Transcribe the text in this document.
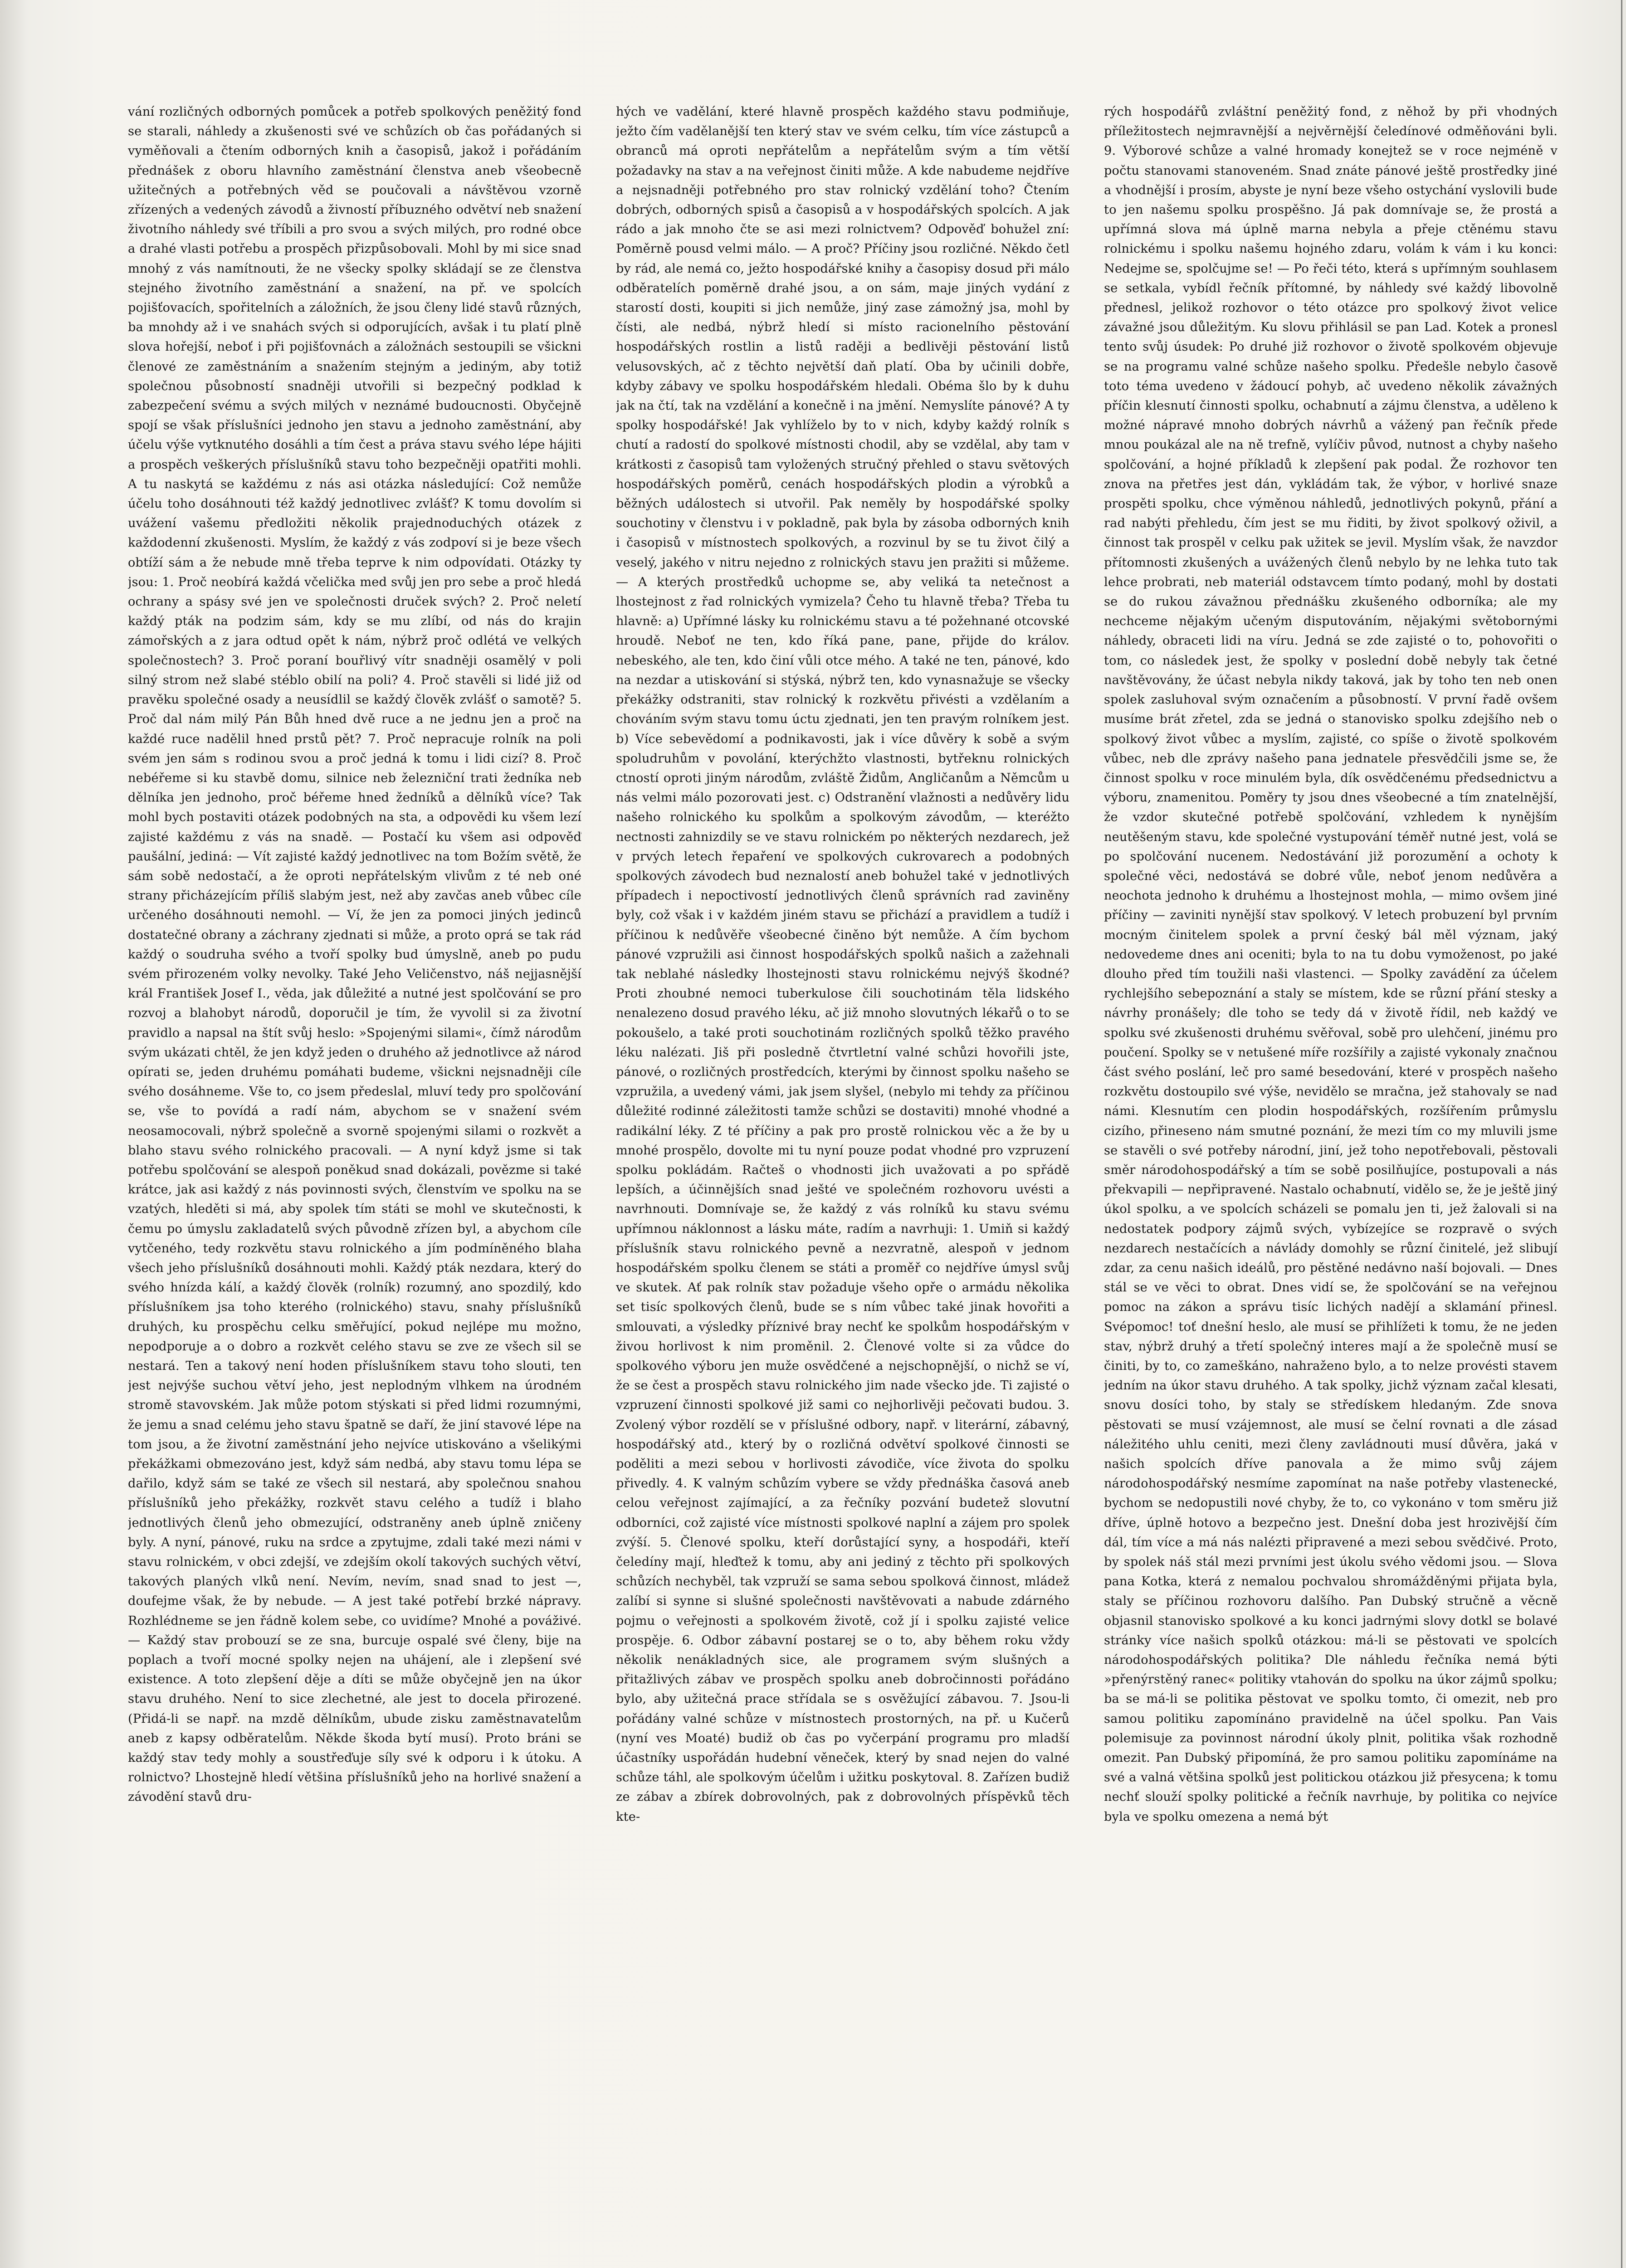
vání rozličných odborných pomůcek a potřeb spolkových peněžitý fond se starali, náhledy a zkušenosti své ve schůzích ob čas pořádaných si vyměňovali a čtením odborných knih a časopisů, jakož i pořádáním přednášek z oboru hlavního zaměstnání členstva aneb všeobecně užitečných a potřebných věd se poučovali a návštěvou vzorně zřízených a vedených závodů a živností příbuzného odvětví neb snažení životního náhledy své tříbili a pro svou a svých milých, pro rodné obce a drahé vlasti potřebu a prospěch přizpůsobovali. Mohl by mi sice snad mnohý z vás namítnouti, že ne všecky spolky skládají se ze členstva stejného životního zaměstnání a snažení, na př. ve spolcích pojišťovacích, spořitelních a záložních, že jsou členy lidé stavů různých, ba mnohdy až i ve snahách svých si odporujících, avšak i tu platí plně slova hořejší, neboť i při pojišťovnách a záložnách sestoupili se všickni členové ze zaměstnáním a snažením stejným a jediným, aby totiž společnou působností snadněji utvořili si bezpečný podklad k zabezpečení svému a svých milých v neznámé budoucnosti. Obyčejně spojí se však příslušníci jednoho jen stavu a jednoho zaměstnání, aby účelu výše vytknutého dosáhli a tím čest a práva stavu svého lépe hájiti a prospěch veškerých příslušníků stavu toho bezpečněji opatřiti mohli. A tu naskytá se každému z nás asi otázka následující: Což nemůže účelu toho dosáhnouti též každý jednotlivec zvlášť? K tomu dovolím si uvážení vašemu předložiti několik prajednoduchých otázek z každodenní zkušenosti. Myslím, že každý z vás zodpoví si je beze všech obtíží sám a že nebude mně třeba teprve k nim odpovídati. Otázky ty jsou: 1. Proč neobírá každá včelička med svůj jen pro sebe a proč hledá ochrany a spásy své jen ve společnosti druček svých? 2. Proč neletí každý pták na podzim sám, kdy se mu zlíbí, od nás do krajin zámořských a z jara odtud opět k nám, nýbrž proč odlétá ve velkých společnostech? 3. Proč poraní bouřlivý vítr snadněji osamělý v poli silný strom než slabé stéblo obilí na poli? 4. Proč stavěli si lidé již od pravěku společné osady a neusídlil se každý člověk zvlášť o samotě? 5. Proč dal nám milý Pán Bůh hned dvě ruce a ne jednu jen a proč na každé ruce nadělil hned prstů pět? 7. Proč nepracuje rolník na poli svém jen sám s rodinou svou a proč jedná k tomu i lidi cizí? 8. Proč nebéřeme si ku stavbě domu, silnice neb železniční trati žedníka neb dělníka jen jednoho, proč béřeme hned žedníků a dělníků více? Tak mohl bych postaviti otázek podobných na sta, a odpovědi ku všem lezí zajisté každému z vás na snadě. — Postačí ku všem asi odpověď paušální, jediná: — Vít zajisté každý jednotlivec na tom Božím světě, že sám sobě nedostačí, a že oproti nepřátelským vlivům z té neb oné strany přicházejícím příliš slabým jest, než aby zavčas aneb vůbec cíle určeného dosáhnouti nemohl. — Ví, že jen za pomoci jiných jedinců dostatečné obrany a záchrany zjednati si může, a proto oprá se tak rád každý o soudruha svého a tvoří spolky bud úmyslně, aneb po pudu svém přirozeném volky nevolky. Také Jeho Veličenstvo, náš nejjasnější král František Josef I., věda, jak důležité a nutné jest spolčování se pro rozvoj a blahobyt národů, doporučil je tím, že vyvolil si za životní pravidlo a napsal na štít svůj heslo: »Spojenými silami«, čímž národům svým ukázati chtěl, že jen když jeden o druhého až jednotlivce až národ opírati se, jeden druhému pomáhati budeme, všickni nejsnadněji cíle svého dosáhneme. Vše to, co jsem předeslal, mluví tedy pro spolčování se, vše to povídá a radí nám, abychom se v snažení svém neosamocovali, nýbrž společně a svorně spojenými silami o rozkvět a blaho stavu svého rolnického pracovali. — A nyní když jsme si tak potřebu spolčování se alespoň poněkud snad dokázali, povězme si také krátce, jak asi každý z nás povinnosti svých, členstvím ve spolku na se vzatých, hleděti si má, aby spolek tím státi se mohl ve skutečnosti, k čemu po úmyslu zakladatelů svých původně zřízen byl, a abychom cíle vytčeného, tedy rozkvětu stavu rolnického a jím podmíněného blaha všech jeho příslušníků dosáhnouti mohli. Každý pták nezdara, který do svého hnízda kálí, a každý člověk (rolník) rozumný, ano spozdilý, kdo příslušníkem jsa toho kterého (rolnického) stavu, snahy příslušníků druhých, ku prospěchu celku směřující, pokud nejlépe mu možno, nepodporuje a o dobro a rozkvět celého stavu se zve ze všech sil se nestará. Ten a takový není hoden příslušníkem stavu toho slouti, ten jest nejvýše suchou větví jeho, jest neplodným vlhkem na úrodném stromě stavovském. Jak může potom stýskati si před lidmi rozumnými, že jemu a snad celému jeho stavu špatně se daří, že jiní stavové lépe na tom jsou, a že životní zaměstnání jeho nejvíce utiskováno a všelikými překážkami obmezováno jest, když sám nedbá, aby stavu tomu lépa se dařilo, když sám se také ze všech sil nestará, aby společnou snahou příslušníků jeho překážky, rozkvět stavu celého a tudíž i blaho jednotlivých členů jeho obmezující, odstraněny aneb úplně zničeny byly. A nyní, pánové, ruku na srdce a zpytujme, zdali také mezi námi v stavu rolnickém, v obci zdejší, ve zdejším okolí takových suchých větví, takových planých vlků není. Nevím, nevím, snad snad to jest —, doufejme však, že by nebude. — A jest také potřebí brzké nápravy. Rozhlédneme se jen řádně kolem sebe, co uvidíme? Mnohé a pováživé. — Každý stav probouzí se ze sna, burcuje ospalé své členy, bije na poplach a tvoří mocné spolky nejen na uhájení, ale i zlepšení své existence. A toto zlepšení děje a díti se může obyčejně jen na úkor stavu druhého. Není to sice zlechetné, ale jest to docela přirozené. (Přidá-li se např. na mzdě dělníkům, ubude zisku zaměstnavatelům aneb z kapsy odběratelům. Někde škoda bytí musí). Proto bráni se každý stav tedy mohly a soustřeďuje síly své k odporu i k útoku. A rolnictvo? Lhostejně hledí většina příslušníků jeho na horlivé snažení a závodění stavů dru-

hých ve vadělání, které hlavně prospěch každého stavu podmiňuje, ježto čím vadělanější ten který stav ve svém celku, tím více zástupců a obranců má oproti nepřátelům a nepřátelům svým a tím větší požadavky na stav a na veřejnost činiti může. A kde nabudeme nejdříve a nejsnadněji potřebného pro stav rolnický vzdělání toho? Čtením dobrých, odborných spisů a časopisů a v hospodářských spolcích. A jak rádo a jak mnoho čte se asi mezi rolnictvem? Odpověď bohužel zní: Poměrně pousd velmi málo. — A proč? Příčiny jsou rozličné. Někdo četl by rád, ale nemá co, ježto hospodářské knihy a časopisy dosud při málo odběratelích poměrně drahé jsou, a on sám, maje jiných vydání z starostí dosti, koupiti si jich nemůže, jiný zase zámožný jsa, mohl by čísti, ale nedbá, nýbrž hledí si místo racionelního pěstování hospodářských rostlin a listů raději a bedlivěji pěstování listů velusovských, ač z těchto největší daň platí. Oba by učinili dobře, kdyby zábavy ve spolku hospodářském hledali. Obéma šlo by k duhu jak na čtí, tak na vzdělání a konečně i na jmění. Nemyslíte pánové? A ty spolky hospodářské! Jak vyhlíželo by to v nich, kdyby každý rolník s chutí a radostí do spolkové místnosti chodil, aby se vzdělal, aby tam v krátkosti z časopisů tam vyložených stručný přehled o stavu světových hospodářských poměrů, cenách hospodářských plodin a výrobků a běžných událostech si utvořil. Pak neměly by hospodářské spolky souchotiny v členstvu i v pokladně, pak byla by zásoba odborných knih i časopisů v místnostech spolkových, a rozvinul by se tu život čilý a veselý, jakého v nitru nejedno z rolnických stavu jen pražiti si můžeme. — A kterých prostředků uchopme se, aby veliká ta netečnost a lhostejnost z řad rolnických vymizela? Čeho tu hlavně třeba? Třeba tu hlavně: a) Upřímné lásky ku rolnickému stavu a té požehnané otcovské hroudě. Neboť ne ten, kdo říká pane, pane, přijde do králov. nebeského, ale ten, kdo činí vůli otce mého. A také ne ten, pánové, kdo na nezdar a utiskování si stýská, nýbrž ten, kdo vynasnažuje se všecky překážky odstraniti, stav rolnický k rozkvětu přivésti a vzdělaním a chováním svým stavu tomu úctu zjednati, jen ten pravým rolníkem jest. b) Více sebevědomí a podnikavosti, jak i více důvěry k sobě a svým spoludruhům v povolání, kterýchžto vlastnosti, bytřeknu rolnických ctností oproti jiným národům, zvláště Židům, Angličanům a Němcům u nás velmi málo pozorovati jest. c) Odstranění vlažnosti a nedůvěry lidu našeho rolnického ku spolkům a spolkovým závodům, — kteréžto nectnosti zahnizdily se ve stavu rolnickém po některých nezdarech, jež v prvých letech řepaření ve spolkových cukrovarech a podobných spolkových závodech bud neznalostí aneb bohužel také v jednotlivých případech i nepoctivostí jednotlivých členů správních rad zaviněny byly, což však i v každém jiném stavu se přichází a pravidlem a tudíž i příčinou k nedůvěře všeobecné činěno být nemůže. A čím bychom pánové vzpružili asi činnost hospodářských spolků našich a zažehnali tak neblahé následky lhostejnosti stavu rolnickému nejvýš škodné? Proti zhoubné nemoci tuberkulose čili souchotinám těla lidského nenalezeno dosud pravého léku, ač již mnoho slovutných lékařů o to se pokoušelo, a také proti souchotinám rozličných spolků těžko pravého léku nalézati. Jiš při posledně čtvrtletní valné schůzi hovořili jste, pánové, o rozličných prostředcích, kterými by činnost spolku našeho se vzpružila, a uvedený vámi, jak jsem slyšel, (nebylo mi tehdy za příčinou důležité rodinné záležitosti tamže schůzi se dostaviti) mnohé vhodné a radikální léky. Z té příčiny a pak pro prostě rolnickou věc a že by u mnohé prospělo, dovolte mi tu nyní pouze podat vhodné pro vzpruzení spolku pokládám. Račteš o vhodnosti jich uvažovati a po spřádě lepších, a účinnějších snad ješté ve společném rozhovoru uvésti a navrhnouti. Domnívaje se, že každý z vás rolníků ku stavu svému upřímnou náklonnost a lásku máte, radím a navrhuji: 1. Umiň si každý příslušník stavu rolnického pevně a nezvratně, alespoň v jednom hospodářském spolku členem se státi a proměř co nejdříve úmysl svůj ve skutek. Ať pak rolník stav požaduje všeho opře o armádu několika set tisíc spolkových členů, bude se s ním vůbec také jinak hovořiti a smlouvati, a výsledky příznivé bray nechť ke spolkům hospodářským v živou horlivost k nim proměnil. 2. Členové volte si za vůdce do spolkového výboru jen muže osvědčené a nejschopnější, o nichž se ví, že se čest a prospěch stavu rolnického jim nade všecko jde. Ti zajisté o vzpruzení činnosti spolkové již sami co nejhorlivěji pečovati budou. 3. Zvolený výbor rozdělí se v příslušné odbory, např. v literární, zábavný, hospodářský atd., který by o rozličná odvětví spolkové činnosti se poděliti a mezi sebou v horlivosti závodiče, více života do spolku přivedly. 4. K valným schůzím vybere se vždy přednáška časová aneb celou veřejnost zajímající, a za řečníky pozvání budetež slovutní odborníci, což zajisté více místnosti spolkové naplní a zájem pro spolek zvýší. 5. Členové spolku, kteří dorůstající syny, a hospodáři, kteří čeledíny mají, hleďtež k tomu, aby ani jediný z těchto při spolkových schůzích nechyběl, tak vzpruží se sama sebou spolková činnost, mládež zalíbí si synne si slušné společnosti navštěvovati a nabude zdárného pojmu o veřejnosti a spolkovém životě, což jí i spolku zajisté velice prospěje. 6. Odbor zábavní postarej se o to, aby během roku vždy několik nenákladných sice, ale programem svým slušných a přitažlivých zábav ve prospěch spolku aneb dobročinnosti pořádáno bylo, aby užitečná prace střídala se s osvěžující zábavou. 7. Jsou-li pořádány valné schůze v místnostech prostorných, na př. u Kučerů (nyní ves Moaté) budiž ob čas po vyčerpání programu pro mladší účastníky uspořádán hudební věneček, který by snad nejen do valné schůze táhl, ale spolkovým účelům i užitku poskytoval. 8. Zařízen budiž ze zábav a zbírek dobrovolných, pak z dobrovolných příspěvků těch kte-

rých hospodářů zvláštní peněžitý fond, z něhož by při vhodných příležitostech nejmravnější a nejvěrnější čeledínové odměňováni byli. 9. Výborové schůze a valné hromady konejtež se v roce nejméně v počtu stanovami stanoveném. Snad znáte pánové ještě prostředky jiné a vhodnější i prosím, abyste je nyní beze všeho ostychání vyslovili bude to jen našemu spolku prospěšno. Já pak domnívaje se, že prostá a upřímná slova má úplně marna nebyla a přeje ctěnému stavu rolnickému i spolku našemu hojného zdaru, volám k vám i ku konci: Nedejme se, spolčujme se! — Po řeči této, která s upřímným souhlasem se setkala, vybídl řečník přítomné, by náhledy své každý libovolně přednesl, jelikož rozhovor o této otázce pro spolkový život velice závažné jsou důležitým. Ku slovu přihlásil se pan Lad. Kotek a pronesl tento svůj úsudek: Po druhé již rozhovor o životě spolkovém objevuje se na programu valné schůze našeho spolku. Předešle nebylo časově toto téma uvedeno v žádoucí pohyb, ač uvedeno několik závažných příčin klesnutí činnosti spolku, ochabnutí a zájmu členstva, a uděleno k možné nápravé mnoho dobrých návrhů a vážený pan řečník přede mnou poukázal ale na ně trefně, vylíčiv původ, nutnost a chyby našeho spolčování, a hojné příkladů k zlepšení pak podal. Že rozhovor ten znova na přetřes jest dán, vykládám tak, že výbor, v horlivé snaze prospěti spolku, chce výměnou náhledů, jednotlivých pokynů, přání a rad nabýti přehledu, čím jest se mu řiditi, by život spolkový oživil, a činnost tak prospěl v celku pak užitek se jevil. Myslím však, že navzdor přítomnosti zkušených a uvážených členů nebylo by ne lehka tuto tak lehce probrati, neb materiál odstavcem tímto podaný, mohl by dostati se do rukou závažnou přednášku zkušeného odborníka; ale my nechceme nějakým učeným disputováním, nějakými světobornými náhledy, obraceti lidi na víru. Jedná se zde zajisté o to, pohovořiti o tom, co následek jest, že spolky v poslední době nebyly tak četné navštěvovány, že účast nebyla nikdy taková, jak by toho ten neb onen spolek zasluhoval svým označením a působností. V první řadě ovšem musíme brát zřetel, zda se jedná o stanovisko spolku zdejšího neb o spolkový život vůbec a myslím, zajisté, co spíše o životě spolkovém vůbec, neb dle zprávy našeho pana jednatele přesvědčili jsme se, že činnost spolku v roce minulém byla, dík osvědčenému předsednictvu a výboru, znamenitou. Poměry ty jsou dnes všeobecné a tím znatelnější, že vzdor skutečné potřebě spolčování, vzhledem k nynějším neutěšeným stavu, kde společné vystupování téměř nutné jest, volá se po spolčování nucenem. Nedostávání již porozumění a ochoty k společné věci, nedostává se dobré vůle, neboť jenom nedůvěra a neochota jednoho k druhému a lhostejnost mohla, — mimo ovšem jiné příčiny — zaviniti nynější stav spolkový. V letech probuzení byl prvním mocným činitelem spolek a první český bál měl význam, jaký nedovedeme dnes ani oceniti; byla to na tu dobu vymoženost, po jaké dlouho před tím toužili naši vlastenci. — Spolky zavádění za účelem rychlejšího sebepoznání a staly se místem, kde se různí přání stesky a návrhy pronášely; dle toho se tedy dá v životě řídil, neb každý ve spolku své zkušenosti druhému svěřoval, sobě pro ulehčení, jinému pro poučení. Spolky se v netušené míře rozšířily a zajisté vykonaly značnou část svého poslání, leč pro samé besedování, které v prospěch našeho rozkvětu dostoupilo své výše, nevidělo se mračna, jež stahovaly se nad námi. Klesnutím cen plodin hospodářských, rozšířením průmyslu cizího, přineseno nám smutné poznání, že mezi tím co my mluvili jsme se stavěli o své potřeby národní, jiní, jež toho nepotřebovali, pěstovali směr národohospodářský a tím se sobě posilňujíce, postupovali a nás překvapili — nepřipravené. Nastalo ochabnutí, vidělo se, že je ještě jiný úkol spolku, a ve spolcích scházeli se pomalu jen ti, jež žalovali si na nedostatek podpory zájmů svých, vybízejíce se rozpravě o svých nezdarech nestačících a návlády domohly se různí činitelé, jež slibují zdar, za cenu našich ideálů, pro pěstěné nedávno naší bojovali. — Dnes stál se ve věci to obrat. Dnes vidí se, že spolčování se na veřejnou pomoc na zákon a správu tisíc lichých nadějí a sklamání přinesl. Svépomoc! toť dnešní heslo, ale musí se přihlížeti k tomu, že ne jeden stav, nýbrž druhý a třetí společný interes mají a že společně musí se činiti, by to, co zameškáno, nahraženo bylo, a to nelze provésti stavem jedním na úkor stavu druhého. A tak spolky, jichž význam začal klesati, snovu dosíci toho, by staly se středískem hledaným. Zde snova pěstovati se musí vzájemnost, ale musí se čelní rovnati a dle zásad náležitého uhlu ceniti, mezi členy zavládnouti musí důvěra, jaká v našich spolcích dříve panovala a že mimo svůj zájem národohospodářský nesmíme zapomínat na naše potřeby vlastenecké, bychom se nedopustili nové chyby, že to, co vykonáno v tom směru již dříve, úplně hotovo a bezpečno jest. Dnešní doba jest hrozivější čím dál, tím více a má nás nalézti připravené a mezi sebou svědčivé. Proto, by spolek náš stál mezi prvními jest úkolu svého vědomi jsou. — Slova pana Kotka, která z nemalou pochvalou shromážděnými přijata byla, staly se příčinou rozhovoru dalšího. Pan Dubský stručně a věcně objasnil stanovisko spolkové a ku konci jadrnými slovy dotkl se bolavé stránky více našich spolků otázkou: má-li se pěstovati ve spolcích národohospodářských politika? Dle náhledu řečníka nemá býti »přenýrstěný ranec« politiky vtahován do spolku na úkor zájmů spolku; ba se má-li se politika pěstovat ve spolku tomto, či omezit, neb pro samou politiku zapomínáno pravidelně na účel spolku. Pan Vais polemisuje za povinnost národní úkoly plnit, politika však rozhodně omezit. Pan Dubský připomíná, že pro samou politiku zapomínáme na své a valná většina spolků jest politickou otázkou již přesycena; k tomu nechť slouží spolky politické a řečník navrhuje, by politika co nejvíce byla ve spolku omezena a nemá být
